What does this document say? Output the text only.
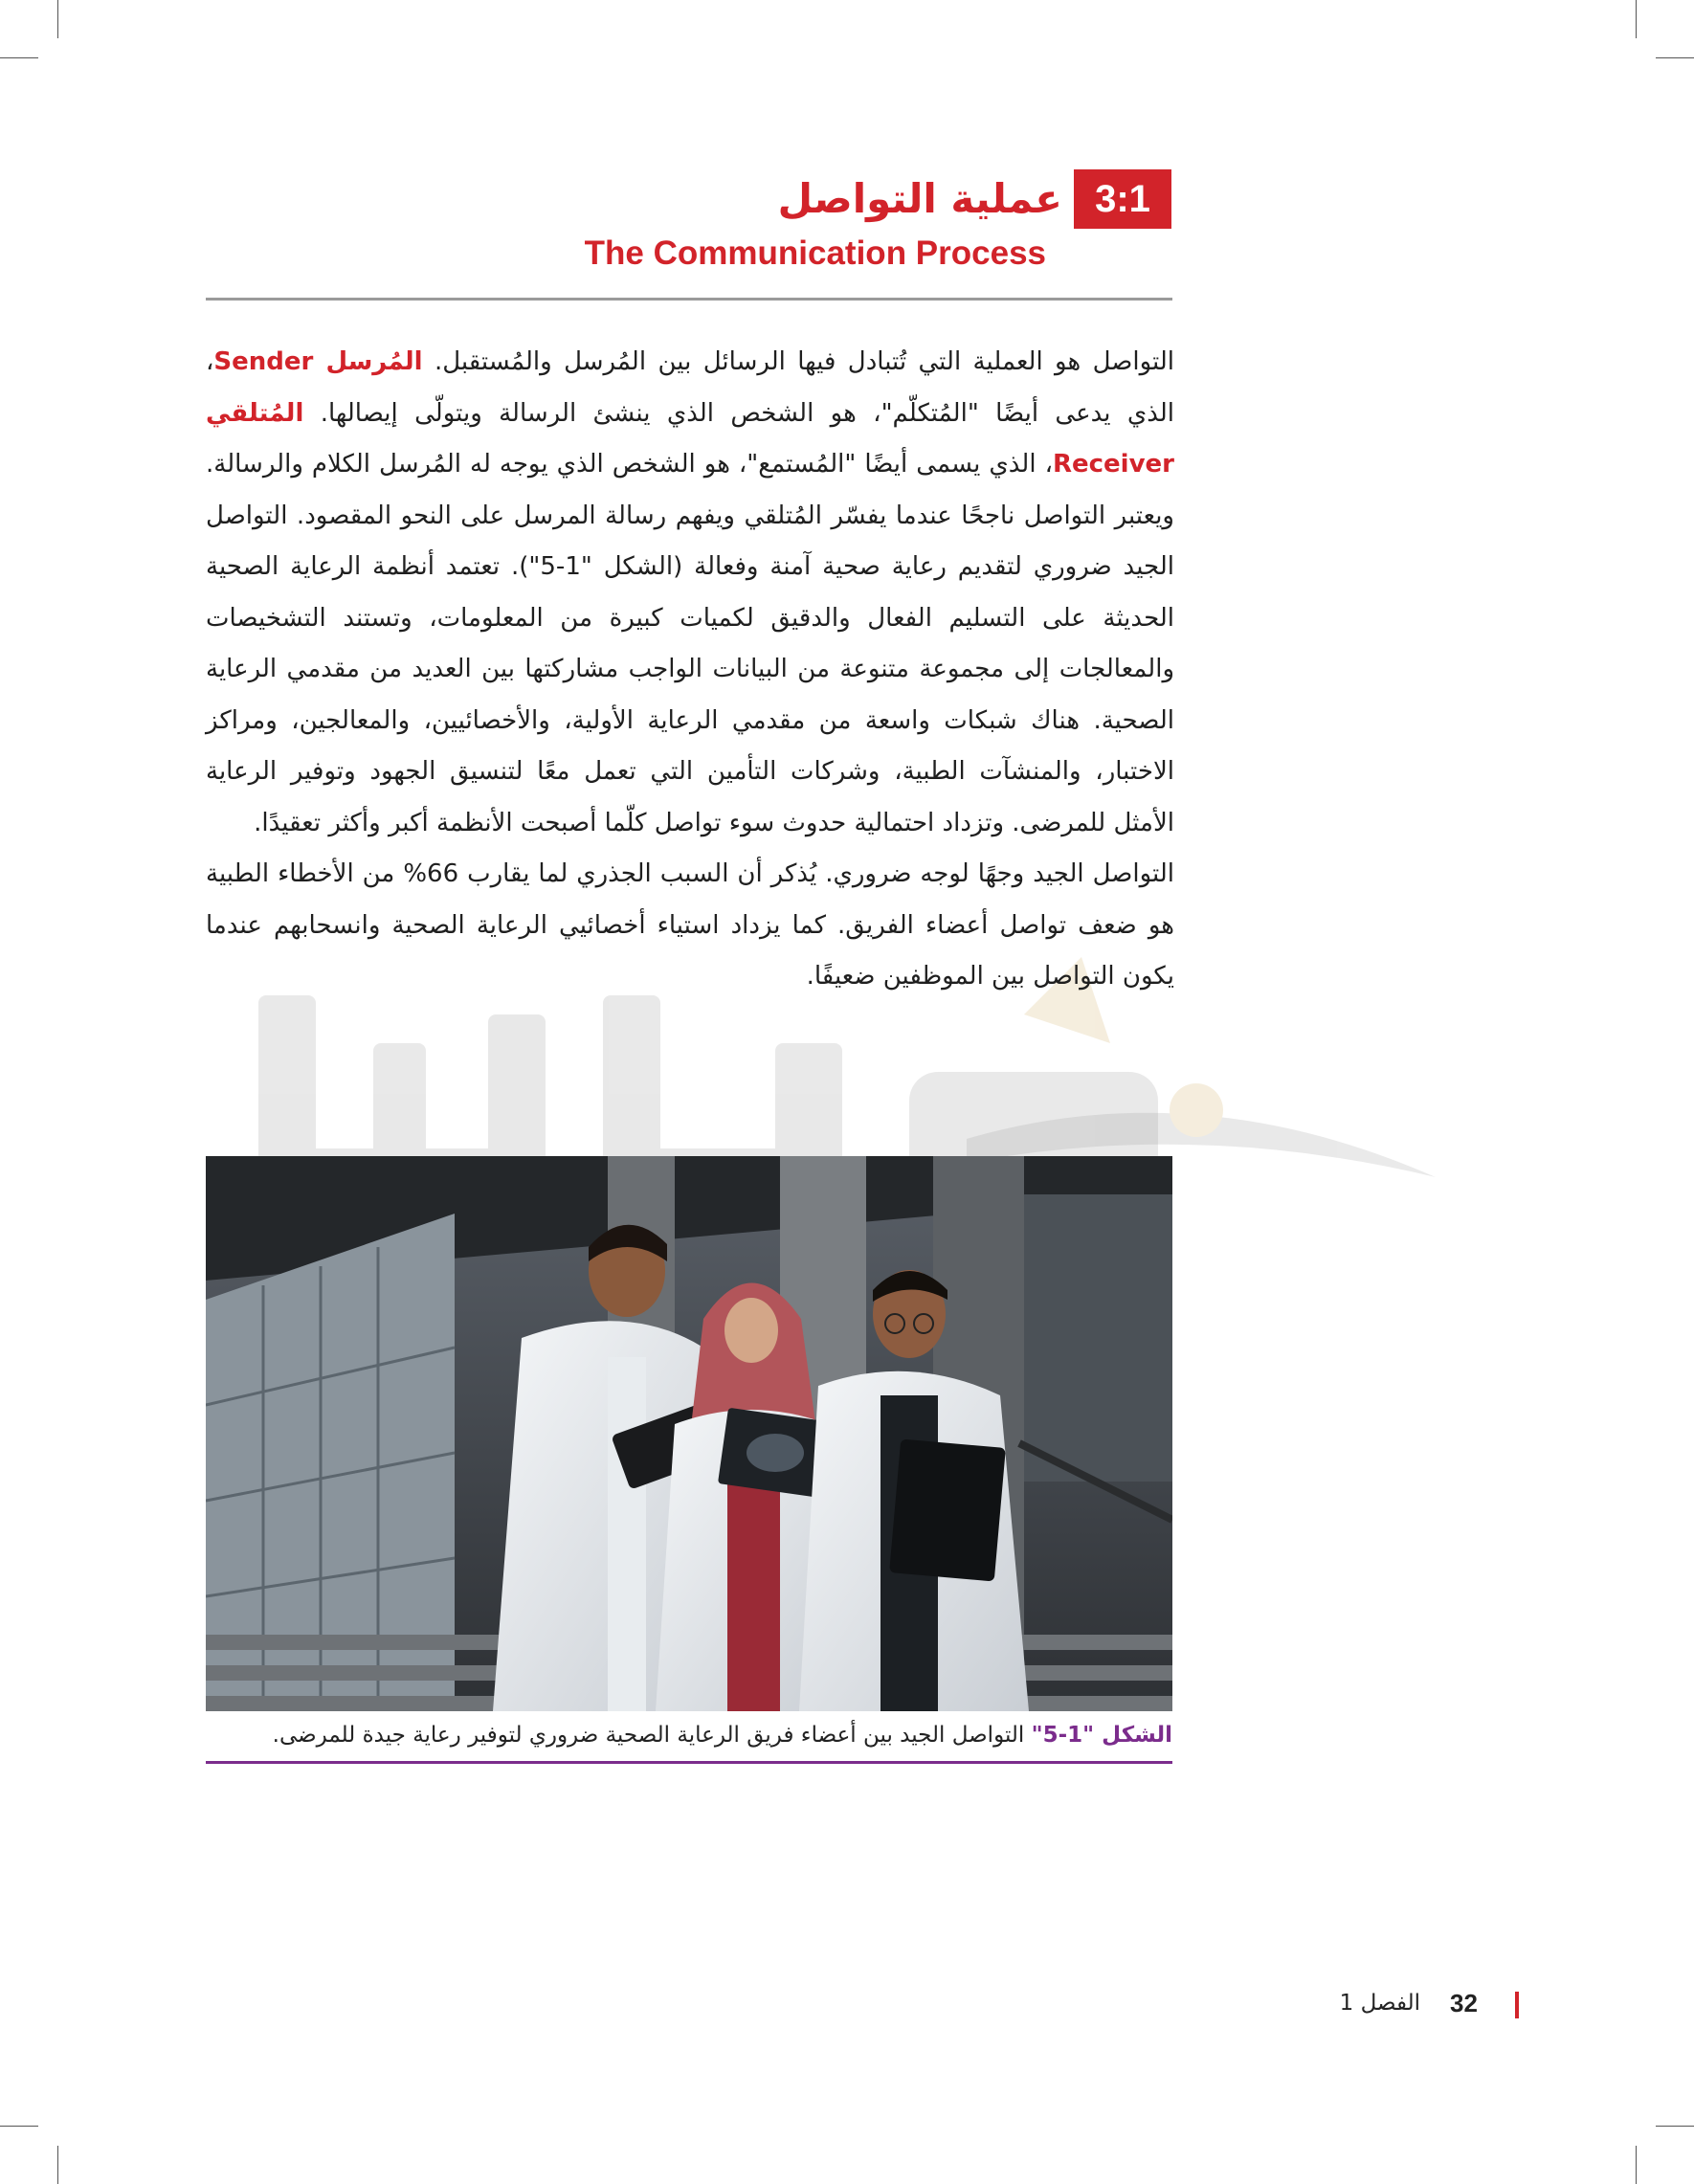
3:1
عملية التواصل
The Communication Process

التواصل هو العملية التي تُتبادل فيها الرسائل بين المُرسل والمُستقبل. المُرسل Sender، الذي يدعى أيضًا "المُتكلّم"، هو الشخص الذي ينشئ الرسالة ويتولّى إيصالها. المُتلقي Receiver، الذي يسمى أيضًا "المُستمع"، هو الشخص الذي يوجه له المُرسل الكلام والرسالة. ويعتبر التواصل ناجحًا عندما يفسّر المُتلقي ويفهم رسالة المرسل على النحو المقصود. التواصل الجيد ضروري لتقديم رعاية صحية آمنة وفعالة (الشكل "1-5"). تعتمد أنظمة الرعاية الصحية الحديثة على التسليم الفعال والدقيق لكميات كبيرة من المعلومات، وتستند التشخيصات والمعالجات إلى مجموعة متنوعة من البيانات الواجب مشاركتها بين العديد من مقدمي الرعاية الصحية. هناك شبكات واسعة من مقدمي الرعاية الأولية، والأخصائيين، والمعالجين، ومراكز الاختبار، والمنشآت الطبية، وشركات التأمين التي تعمل معًا لتنسيق الجهود وتوفير الرعاية الأمثل للمرضى. وتزداد احتمالية حدوث سوء تواصل كلّما أصبحت الأنظمة أكبر وأكثر تعقيدًا.

التواصل الجيد وجهًا لوجه ضروري. يُذكر أن السبب الجذري لما يقارب 66% من الأخطاء الطبية هو ضعف تواصل أعضاء الفريق. كما يزداد استياء أخصائيي الرعاية الصحية وانسحابهم عندما يكون التواصل بين الموظفين ضعيفًا.

الشكل "1-5" التواصل الجيد بين أعضاء فريق الرعاية الصحية ضروري لتوفير رعاية جيدة للمرضى.
32
الفصل 1
